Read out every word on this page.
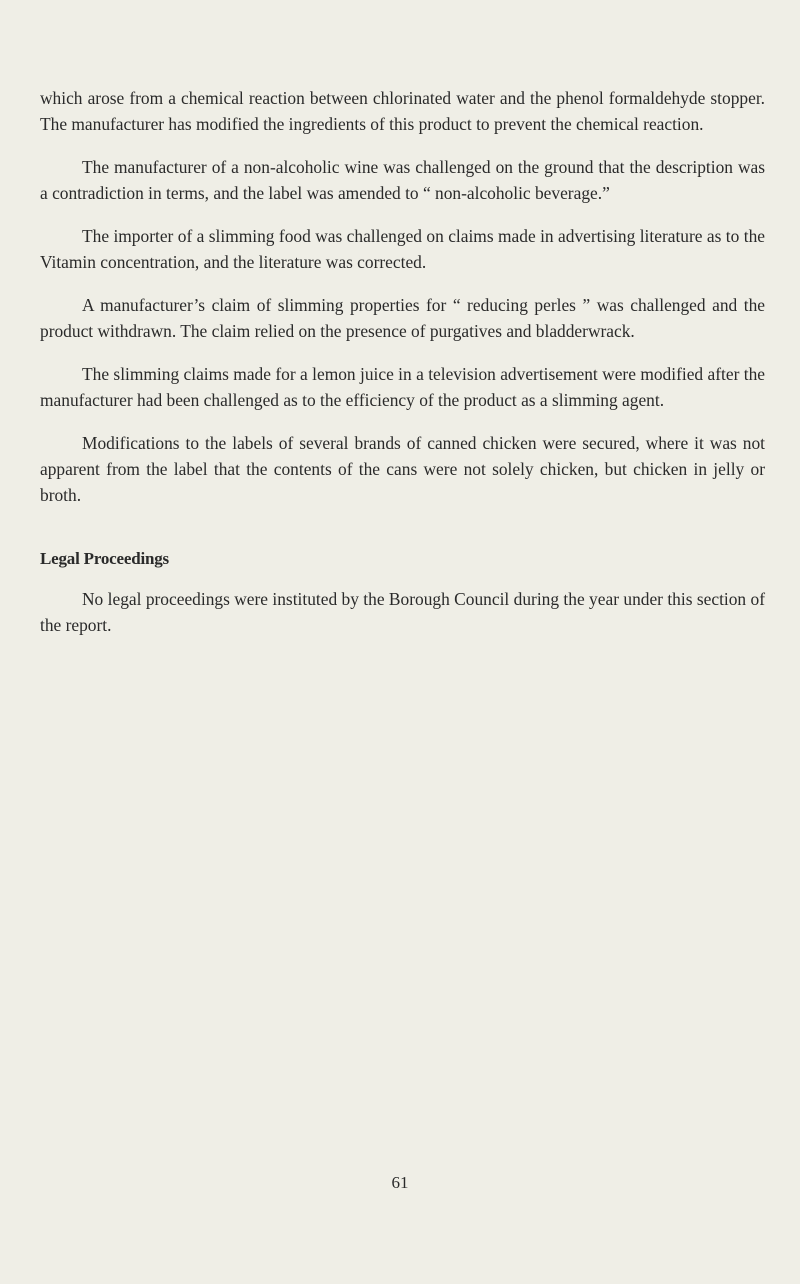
which arose from a chemical reaction between chlorinated water and the phenol formaldehyde stopper. The manufacturer has modified the ingredients of this product to prevent the chemical reaction.

The manufacturer of a non-alcoholic wine was challenged on the ground that the description was a contradiction in terms, and the label was amended to “ non-alcoholic beverage.”

The importer of a slimming food was challenged on claims made in advertising literature as to the Vitamin concentration, and the literature was corrected.

A manufacturer’s claim of slimming properties for “ reducing perles ” was challenged and the product withdrawn. The claim relied on the presence of purgatives and bladderwrack.

The slimming claims made for a lemon juice in a television advertisement were modified after the manufacturer had been challenged as to the efficiency of the product as a slimming agent.

Modifications to the labels of several brands of canned chicken were secured, where it was not apparent from the label that the contents of the cans were not solely chicken, but chicken in jelly or broth.

Legal Proceedings

No legal proceedings were instituted by the Borough Council during the year under this section of the report.

61
